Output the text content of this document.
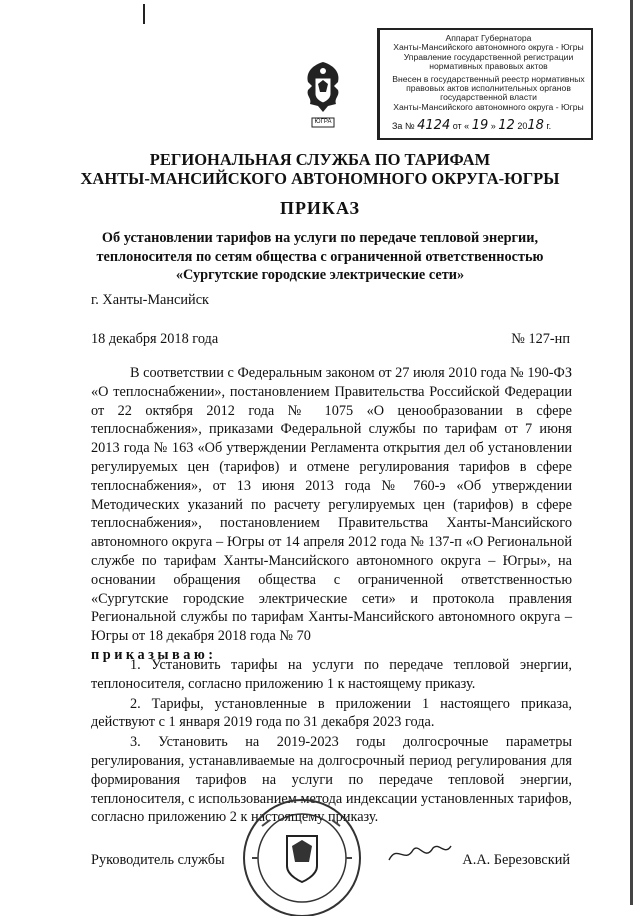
Аппарат Губернатора
Ханты-Мансийского автономного округа - Югры
Управление государственной регистрации
нормативных правовых актов
Внесен в государственный реестр нормативных
правовых актов исполнительных органов
государственной власти
Ханты-Мансийского автономного округа - Югры
За № 4124 от « 19 » 12 2018 г.
ЮГРА
РЕГИОНАЛЬНАЯ СЛУЖБА ПО ТАРИФАМ
ХАНТЫ-МАНСИЙСКОГО АВТОНОМНОГО ОКРУГА-ЮГРЫ
ПРИКАЗ
Об установлении тарифов на услуги по передаче тепловой энергии,
теплоносителя по сетям общества с ограниченной ответственностью
«Сургутские городские электрические сети»
г. Ханты-Мансийск
18 декабря 2018 года	№ 127-нп

В соответствии с Федеральным законом от 27 июля 2010 года № 190-ФЗ «О теплоснабжении», постановлением Правительства Российской Федерации от 22 октября 2012 года № 1075 «О ценообразовании в сфере теплоснабжения», приказами Федеральной службы по тарифам от 7 июня 2013 года № 163 «Об утверждении Регламента открытия дел об установлении регулируемых цен (тарифов) и отмене регулирования тарифов в сфере теплоснабжения», от 13 июня 2013 года № 760-э «Об утверждении Методических указаний по расчету регулируемых цен (тарифов) в сфере теплоснабжения», постановлением Правительства Ханты-Мансийского автономного округа – Югры от 14 апреля 2012 года № 137-п «О Региональной службе по тарифам Ханты-Мансийского автономного округа – Югры», на основании обращения общества с ограниченной ответственностью «Сургутские городские электрические сети» и протокола правления Региональной службы по тарифам Ханты-Мансийского автономного округа – Югры от 18 декабря 2018 года № 70

приказываю:

1. Установить тарифы на услуги по передаче тепловой энергии, теплоносителя, согласно приложению 1 к настоящему приказу.

2. Тарифы, установленные в приложении 1 настоящего приказа, действуют с 1 января 2019 года по 31 декабря 2023 года.

3. Установить на 2019-2023 годы долгосрочные параметры регулирования, устанавливаемые на долгосрочный период регулирования для формирования тарифов на услуги по передаче тепловой энергии, теплоносителя, с использованием метода индексации установленных тарифов, согласно приложению 2 к настоящему приказу.

Руководитель службы	А.А. Березовский
